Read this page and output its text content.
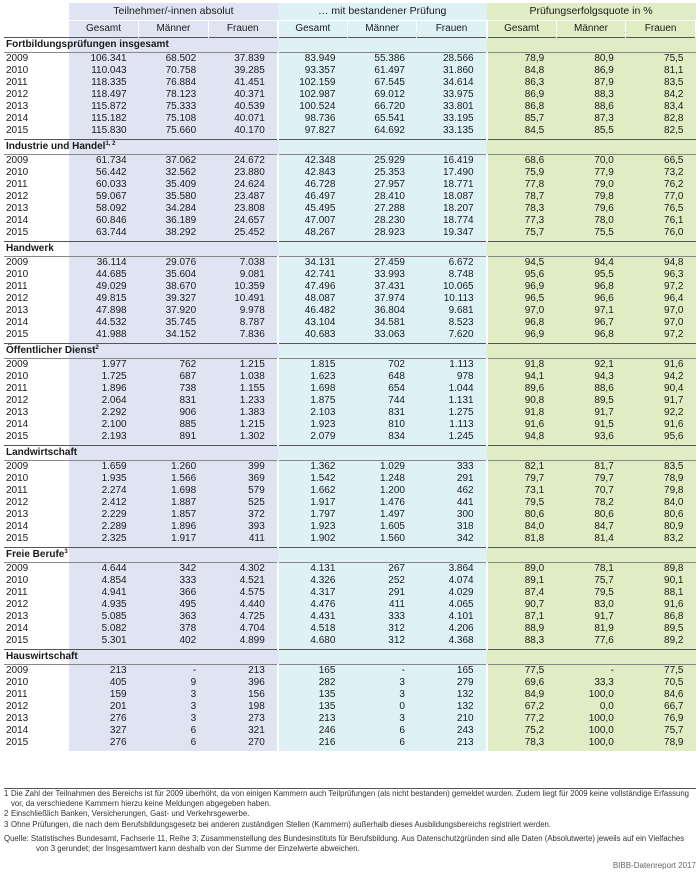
	Teilnehmer/-innen absolut			… mit bestandener Prüfung			Prüfungserfolgsquote in %		
	Gesamt	Männer	Frauen	Gesamt	Männer	Frauen	Gesamt	Männer	Frauen
Fortbildungsprüfungen insgesamt									
2009	106.341	68.502	37.839	83.949	55.386	28.566	78,9	80,9	75,5
2010	110.043	70.758	39.285	93.357	61.497	31.860	84,8	86,9	81,1
2011	118.335	76.884	41.451	102.159	67.545	34.614	86,3	87,9	83,5
2012	118.497	78.123	40.371	102.987	69.012	33.975	86,9	88,3	84,2
2013	115.872	75.333	40.539	100.524	66.720	33.801	86,8	88,6	83,4
2014	115.182	75.108	40.071	98.736	65.541	33.195	85,7	87,3	82,8
2015	115.830	75.660	40.170	97.827	64.692	33.135	84,5	85,5	82,5
Industrie und Handel$^{1, 2}$									
2009	61.734	37.062	24.672	42.348	25.929	16.419	68,6	70,0	66,5
2010	56.442	32.562	23.880	42.843	25.353	17.490	75,9	77,9	73,2
2011	60.033	35.409	24.624	46.728	27.957	18.771	77,8	79,0	76,2
2012	59.067	35.580	23.487	46.497	28.410	18.087	78,7	79,8	77,0
2013	58.092	34.284	23.808	45.495	27.288	18.207	78,3	79,6	76,5
2014	60.846	36.189	24.657	47.007	28.230	18.774	77,3	78,0	76,1
2015	63.744	38.292	25.452	48.267	28.923	19.347	75,7	75,5	76,0
Handwerk									
2009	36.114	29.076	7.038	34.131	27.459	6.672	94,5	94,4	94,8
2010	44.685	35.604	9.081	42.741	33.993	8.748	95,6	95,5	96,3
2011	49.029	38.670	10.359	47.496	37.431	10.065	96,9	96,8	97,2
2012	49.815	39.327	10.491	48.087	37.974	10.113	96,5	96,6	96,4
2013	47.898	37.920	9.978	46.482	36.804	9.681	97,0	97,1	97,0
2014	44.532	35.745	8.787	43.104	34.581	8.523	96,8	96,7	97,0
2015	41.988	34.152	7.836	40.683	33.063	7.620	96,9	96,8	97,2
Öffentlicher Dienst$^2$									
2009	1.977	762	1.215	1.815	702	1.113	91,8	92,1	91,6
2010	1.725	687	1.038	1.623	648	978	94,1	94,3	94,2
2011	1.896	738	1.155	1.698	654	1.044	89,6	88,6	90,4
2012	2.064	831	1.233	1.875	744	1.131	90,8	89,5	91,7
2013	2.292	906	1.383	2.103	831	1.275	91,8	91,7	92,2
2014	2.100	885	1.215	1.923	810	1.113	91,6	91,5	91,6
2015	2.193	891	1.302	2.079	834	1.245	94,8	93,6	95,6
Landwirtschaft									
2009	1.659	1.260	399	1.362	1.029	333	82,1	81,7	83,5
2010	1.935	1.566	369	1.542	1.248	291	79,7	79,7	78,9
2011	2.274	1.698	579	1.662	1.200	462	73,1	70,7	79,8
2012	2.412	1.887	525	1.917	1.476	441	79,5	78,2	84,0
2013	2.229	1.857	372	1.797	1.497	300	80,6	80,6	80,6
2014	2.289	1.896	393	1.923	1.605	318	84,0	84,7	80,9
2015	2.325	1.917	411	1.902	1.560	342	81,8	81,4	83,2
Freie Berufe$^3$									
2009	4.644	342	4.302	4.131	267	3.864	89,0	78,1	89,8
2010	4.854	333	4.521	4.326	252	4.074	89,1	75,7	90,1
2011	4.941	366	4.575	4.317	291	4.029	87,4	79,5	88,1
2012	4.935	495	4.440	4.476	411	4.065	90,7	83,0	91,6
2013	5.085	363	4.725	4.431	333	4.101	87,1	91,7	86,8
2014	5.082	378	4.704	4.518	312	4.206	88,9	81,9	89,5
2015	5.301	402	4.899	4.680	312	4.368	88,3	77,6	89,2
Hauswirtschaft									
2009	213	-	213	165	-	165	77,5	-	77,5
2010	405	9	396	282	3	279	69,6	33,3	70,5
2011	159	3	156	135	3	132	84,9	100,0	84,6
2012	201	3	198	135	0	132	67,2	0,0	66,7
2013	276	3	273	213	3	210	77,2	100,0	76,9
2014	327	6	321	246	6	243	75,2	100,0	75,7
2015	276	6	270	216	6	213	78,3	100,0	78,9
1 Die Zahl der Teilnahmen des Bereichs ist für 2009 überhöht, da von einigen Kammern auch Teilprüfungen (als nicht bestanden) gemeldet wurden. Zudem liegt für 2009 keine vollständige Erfassung vor, da verschiedene Kammern hierzu keine Meldungen abgegeben haben.
2 Einschließlich Banken, Versicherungen, Gast- und Verkehrsgewerbe.
3 Ohne Prüfungen, die nach dem Berufsbildungsgesetz bei anderen zuständigen Stellen (Kammern) außerhalb dieses Ausbildungsbereichs registriert werden.
Quelle: Statistisches Bundesamt, Fachserie 11, Reihe 3; Zusammenstellung des Bundesinstituts für Berufsbildung. Aus Datenschutzgründen sind alle Daten (Absolutwerte) jeweils auf ein Vielfaches von 3 gerundet; der Insgesamtwert kann deshalb von der Summe der Einzelwerte abweichen.
BIBB-Datenreport 2017
